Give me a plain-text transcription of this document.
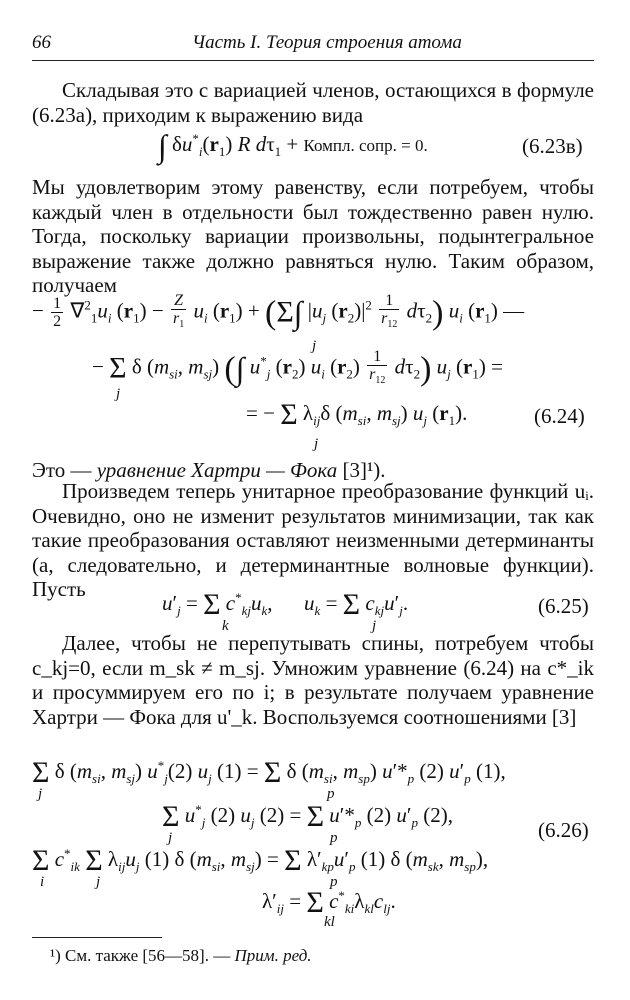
66	Часть I. Теория строения атома
Складывая это с вариацией членов, остающихся в формуле (6.23а), приходим к выражению вида
∫ $\delta u^*_i(r_1)$ R $d\tau_1$ + Компл. сопр. = 0.	(6.23в)
Мы удовлетворим этому равенству, если потребуем, чтобы каждый член в отдельности был тождественно равен нулю. Тогда, поскольку вариации произвольны, подынтегральное выражение также должно равняться нулю. Таким образом, получаем
− $\frac{1}{2} \nabla^2_1u_i$ $(r_1) - \frac{Z}{r_1} u_i$ $(r_1) + (\Sigma\int$ $|u_j$ $(r_2)|^2 \frac{1}{r_{12}} d\tau_2$) $u_i$ $(r_1)$ —
j
− Σ δ ($m_{si}$, $m_{sj}$) (∫ $u^*_j$ $(r_2)$ $u_i$ $(r_2) \frac{1}{r_{12}} d\tau_2$) $u_j$ $(r_1)$ =
j
= − Σ $\lambda_{ij}\delta$ ($m_{si}$, $m_{sj}$) $u_j$ $(r_1)$.
j
(6.24)
Это — уравнение Хартри — Фока [3]¹).
Произведем теперь унитарное преобразование функций uᵢ. Очевидно, оно не изменит результатов минимизации, так как такие преобразования оставляют неизменными детерминанты (а, следовательно, и детерминантные волновые функции). Пусть
$u'_j = \Sigma$ $c^*_{kj}u_k$,      $u_k = \Sigma$ $c_{kj}u'_j$.
k	j
(6.25)
Далее, чтобы не перепутывать спины, потребуем чтобы c_kj=0, если m_sk ≠ m_sj. Умножим уравнение (6.24) на c*_ik и просуммируем его по i; в результате получаем уравнение Хартри — Фока для u'_k. Воспользуемся соотношениями [3]
Σ δ ($m_{si}$, $m_{sj}$) $u^*_j(2)$ $u_j$ (1) = Σ δ ($m_{si}$, $m_{sp}$) $u'*_p$ (2) $u'_p$ (1),
j	p
Σ $u^*_j$ (2) $u_j$ (2) = Σ $u'*_p$ (2) $u'_p$ (2),
j	p	(6.26)
Σ $c^*_{ik}$ Σ $\lambda_{ij}u_j$ (1) δ ($m_{si}$, $m_{sj}) = \Sigma$ $\lambda'_{kp}u'_p$ (1) δ ($m_{sk}$, $m_{sp}$),
i	j	p
$\lambda'_{ij} = \Sigma$ $c^*_{ki}\lambda_{kl}c_{lj}$.
kl
¹) См. также [56—58]. — Прим. ред.
